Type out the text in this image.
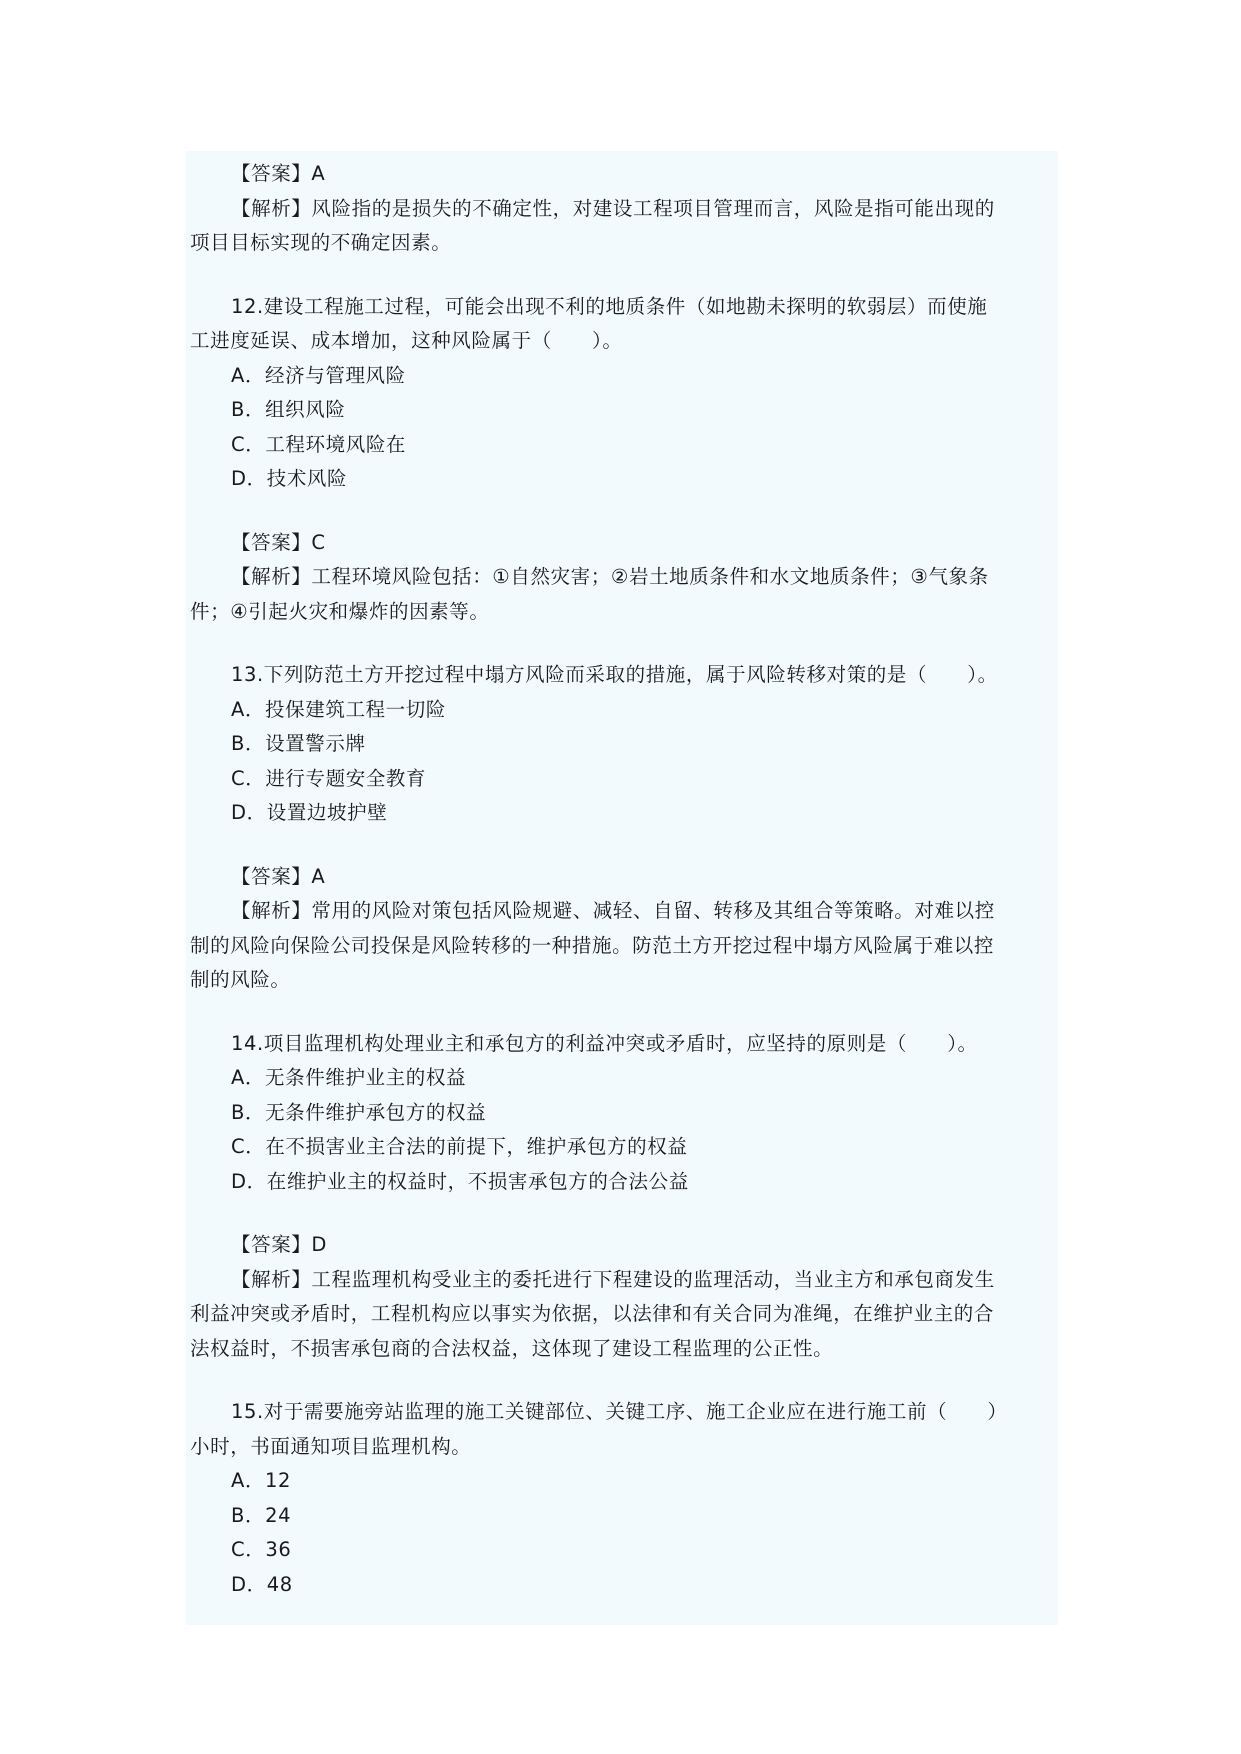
【答案】A
【解析】风险指的是损失的不确定性，对建设工程项目管理而言，风险是指可能出现的
项目目标实现的不确定因素。
12.建设工程施工过程，可能会出现不利的地质条件（如地勘未探明的软弱层）而使施
工进度延误、成本增加，这种风险属于（　　）。
A．经济与管理风险
B．组织风险
C．工程环境风险在
D．技术风险
【答案】C
【解析】工程环境风险包括：①自然灾害；②岩土地质条件和水文地质条件；③气象条
件；④引起火灾和爆炸的因素等。
13.下列防范土方开挖过程中塌方风险而采取的措施，属于风险转移对策的是（　　）。
A．投保建筑工程一切险
B．设置警示牌
C．进行专题安全教育
D．设置边坡护壁
【答案】A
【解析】常用的风险对策包括风险规避、减轻、自留、转移及其组合等策略。对难以控
制的风险向保险公司投保是风险转移的一种措施。防范土方开挖过程中塌方风险属于难以控
制的风险。
14.项目监理机构处理业主和承包方的利益冲突或矛盾时，应坚持的原则是（　　）。
A．无条件维护业主的权益
B．无条件维护承包方的权益
C．在不损害业主合法的前提下，维护承包方的权益
D．在维护业主的权益时，不损害承包方的合法公益
【答案】D
【解析】工程监理机构受业主的委托进行下程建设的监理活动，当业主方和承包商发生
利益冲突或矛盾时，工程机构应以事实为依据，以法律和有关合同为准绳，在维护业主的合
法权益时，不损害承包商的合法权益，这体现了建设工程监理的公正性。
15.对于需要施旁站监理的施工关键部位、关键工序、施工企业应在进行施工前（　　）
小时，书面通知项目监理机构。
A．12
B．24
C．36
D．48
